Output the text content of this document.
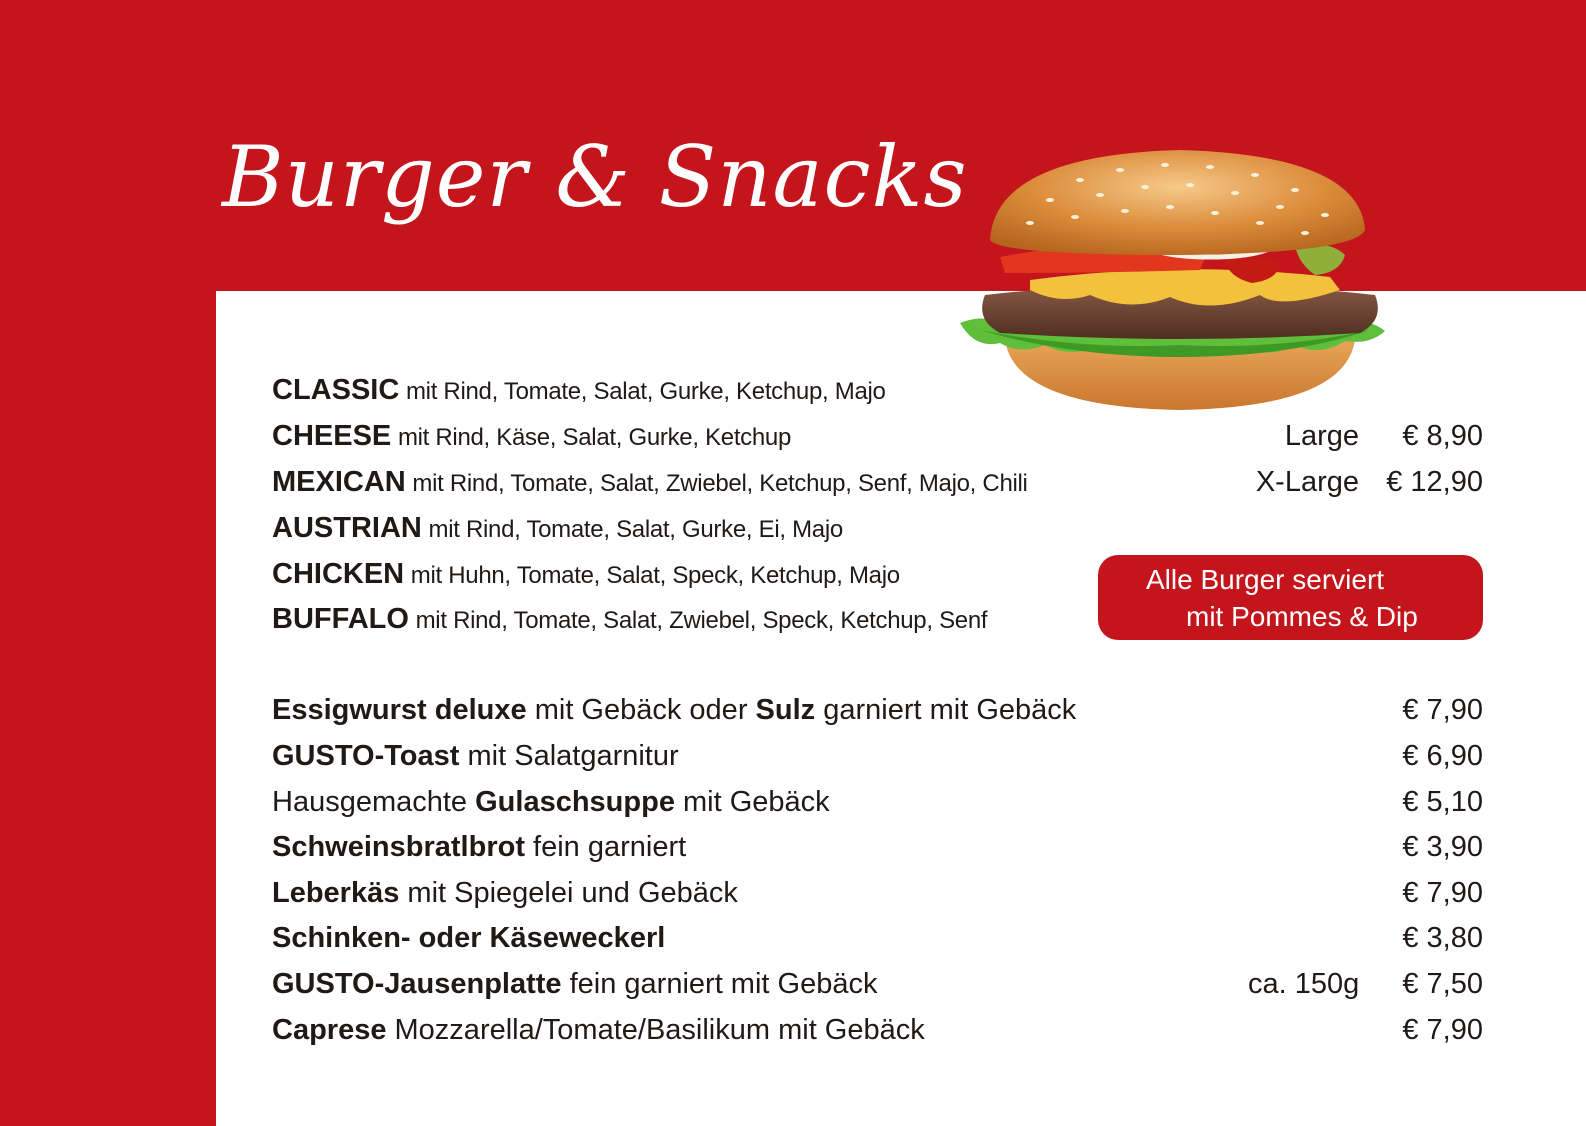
Burger & Snacks
CLASSIC mit Rind, Tomate, Salat, Gurke, Ketchup, Majo
CHEESE mit Rind, Käse, Salat, Gurke, Ketchup
MEXICAN mit Rind, Tomate, Salat, Zwiebel, Ketchup, Senf, Majo, Chili
AUSTRIAN mit Rind, Tomate, Salat, Gurke, Ei, Majo
CHICKEN mit Huhn, Tomate, Salat, Speck, Ketchup, Majo
BUFFALO mit Rind, Tomate, Salat, Zwiebel, Speck, Ketchup, Senf
Large € 8,90
X-Large € 12,90
Alle Burger serviert
mit Pommes & Dip
Essigwurst deluxe mit Gebäck oder Sulz garniert mit Gebäck	€ 7,90
GUSTO-Toast mit Salatgarnitur	€ 6,90
Hausgemachte Gulaschsuppe mit Gebäck	€ 5,10
Schweinsbratlbrot fein garniert	€ 3,90
Leberkäs mit Spiegelei und Gebäck	€ 7,90
Schinken- oder Käseweckerl	€ 3,80
GUSTO-Jausenplatte fein garniert mit Gebäck	ca. 150g € 7,50
Caprese Mozzarella/Tomate/Basilikum mit Gebäck	€ 7,90
